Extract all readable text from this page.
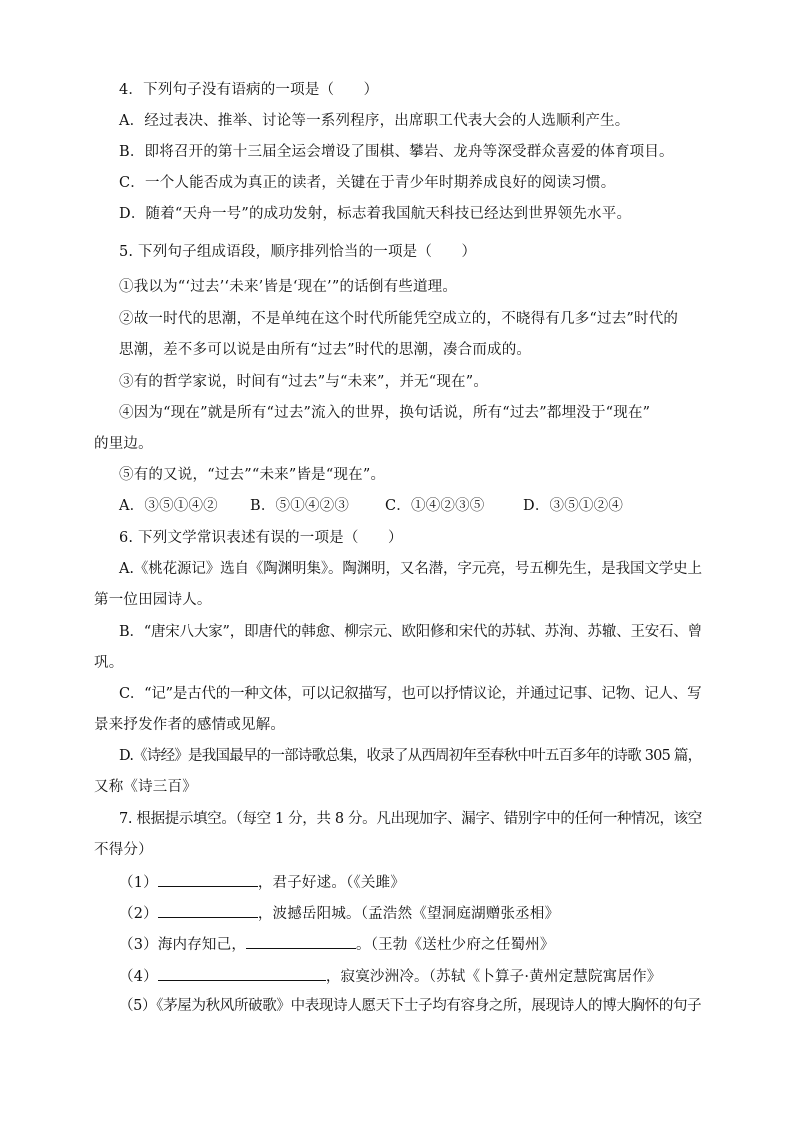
4．下列句子没有语病的一项是（　　）
A．经过表决、推举、讨论等一系列程序，出席职工代表大会的人选顺利产生。
B．即将召开的第十三届全运会增设了围棋、攀岩、龙舟等深受群众喜爱的体育项目。
C．一个人能否成为真正的读者，关键在于青少年时期养成良好的阅读习惯。
D．随着“天舟一号”的成功发射，标志着我国航天科技已经达到世界领先水平。
5. 下列句子组成语段，顺序排列恰当的一项是（　　）
①我以为“‘过去’‘未来’皆是‘现在’”的话倒有些道理。
②故一时代的思潮，不是单纯在这个时代所能凭空成立的，不晓得有几多“过去”时代的
思潮，差不多可以说是由所有“过去”时代的思潮，凑合而成的。
③有的哲学家说，时间有“过去”与“未来”，并无“现在”。
④因为“现在”就是所有“过去”流入的世界，换句话说，所有“过去”都埋没于“现在”
的里边。
⑤有的又说，“过去”“未来”皆是“现在”。
A．③⑤①④② B．⑤①④②③ C．①④②③⑤	D．③⑤①②④
6. 下列文学常识表述有误的一项是（　　）
A.《桃花源记》选自《陶渊明集》。陶渊明，又名潜，字元亮，号五柳先生，是我国文学史上
第一位田园诗人。
B．“唐宋八大家”，即唐代的韩愈、柳宗元、欧阳修和宋代的苏轼、苏洵、苏辙、王安石、曾
巩。
C．“记”是古代的一种文体，可以记叙描写，也可以抒情议论，并通过记事、记物、记人、写
景来抒发作者的感情或见解。
D.《诗经》是我国最早的一部诗歌总集，收录了从西周初年至春秋中叶五百多年的诗歌 305 篇，
又称《诗三百》
7. 根据提示填空。（每空 1 分，共 8 分。凡出现加字、漏字、错别字中的任何一种情况，该空
不得分）
（1）	，君子好逑。（《关雎》
（2）	，波撼岳阳城。（孟浩然《望洞庭湖赠张丞相》
（3）海内存知己，	。（王勃《送杜少府之任蜀州》
（4）	，寂寞沙洲冷。（苏轼《卜算子·黄州定慧院寓居作》
（5）《茅屋为秋风所破歌》中表现诗人愿天下士子均有容身之所，展现诗人的博大胸怀的句子
